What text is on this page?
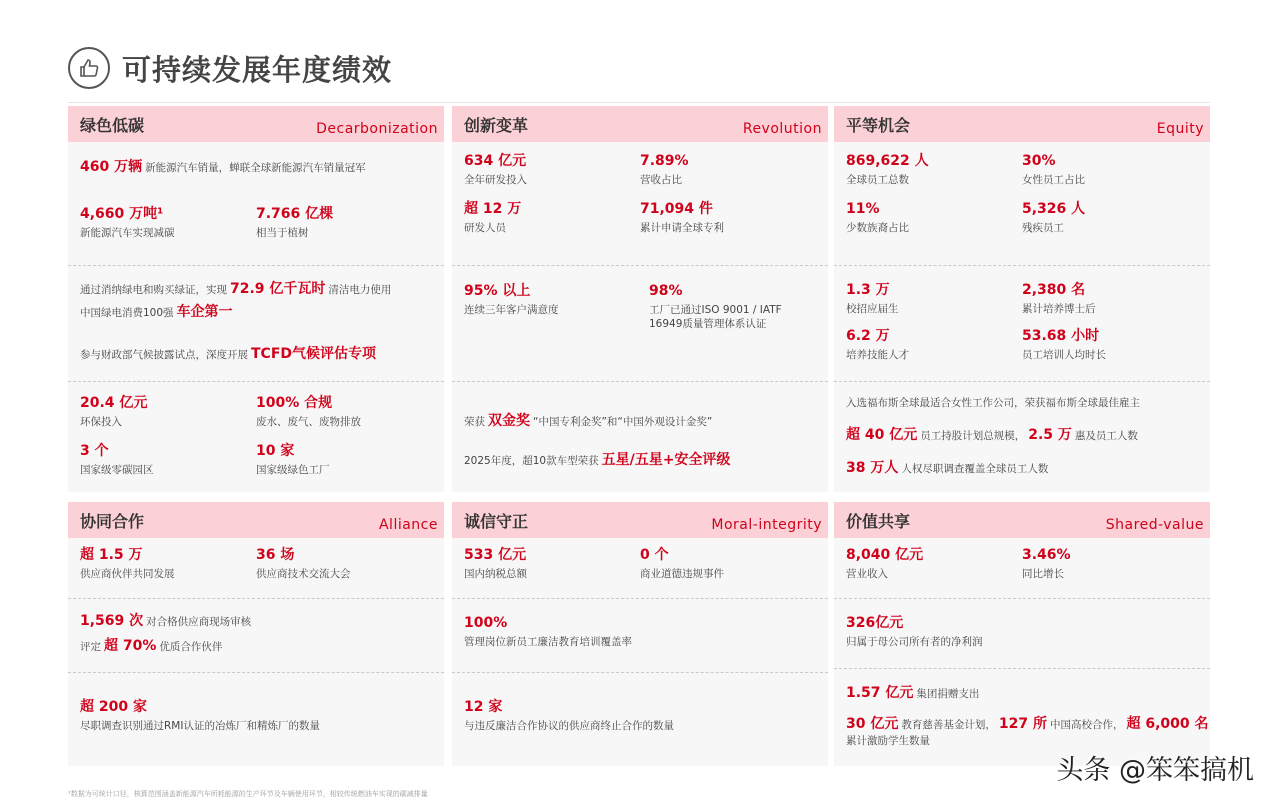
可持续发展年度绩效
绿色低碳	Decarbonization
460 万辆 新能源汽车销量，蝉联全球新能源汽车销量冠军
4,660 万吨¹
新能源汽车实现减碳
7.766 亿棵
相当于植树
通过消纳绿电和购买绿证，实现 72.9 亿千瓦时 清洁电力使用
中国绿电消费100强 车企第一
参与财政部气候披露试点，深度开展 TCFD气候评估专项
20.4 亿元
环保投入
100% 合规
废水、废气、废物排放
3 个
国家级零碳园区
10 家
国家级绿色工厂
创新变革	Revolution
634 亿元
全年研发投入
7.89%
营收占比
超 12 万
研发人员
71,094 件
累计申请全球专利
95% 以上
连续三年客户满意度
98%
工厂已通过ISO 9001 / IATF 16949质量管理体系认证
荣获 双金奖 “中国专利金奖”和“中国外观设计金奖”
2025年度，超10款车型荣获 五星/五星+安全评级
平等机会	Equity
869,622 人
全球员工总数
30%
女性员工占比
11%
少数族裔占比
5,326 人
残疾员工
1.3 万
校招应届生
2,380 名
累计培养博士后
6.2 万
培养技能人才
53.68 小时
员工培训人均时长
入选福布斯全球最适合女性工作公司，荣获福布斯全球最佳雇主
超 40 亿元 员工持股计划总规模， 2.5 万 惠及员工人数
38 万人 人权尽职调查覆盖全球员工人数
协同合作	Alliance
超 1.5 万
供应商伙伴共同发展
36 场
供应商技术交流大会
1,569 次 对合格供应商现场审核
评定 超 70% 优质合作伙伴
超 200 家
尽职调查识别通过RMI认证的冶炼厂和精炼厂的数量
诚信守正	Moral-integrity
533 亿元
国内纳税总额
0 个
商业道德违规事件
100%
管理岗位新员工廉洁教育培训覆盖率
12 家
与违反廉洁合作协议的供应商终止合作的数量
价值共享	Shared-value
8,040 亿元
营业收入
3.46%
同比增长
326亿元
归属于母公司所有者的净利润
1.57 亿元 集团捐赠支出
30 亿元 教育慈善基金计划， 127 所 中国高校合作， 超 6,000 名
累计激励学生数量
¹数据为可统计口径，核算范围涵盖新能源汽车所耗能源的生产环节及车辆使用环节，相较传统燃油车实现的碳减排量
头条 @笨笨搞机
